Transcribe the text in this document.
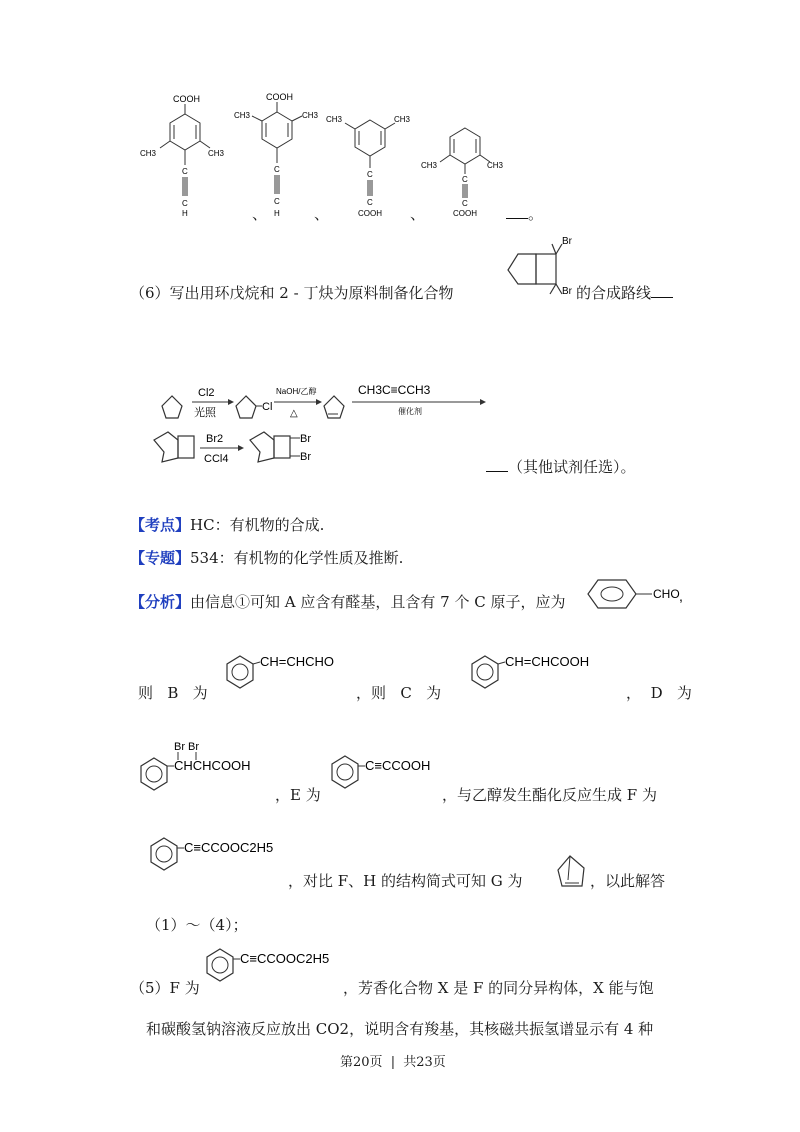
COOH
CH3	CH3
C
C
H	、
COOH
CH3	CH3
C
C
H 、
CH3	CH3
C
C
COOH 、
CH3	CH3
C
C
COOH	。
（6）写出用环戊烷和 2 - 丁炔为原料制备化合物
Br
Br 的合成路线
Cl2
光照	Cl
NaOH/乙醇
△
CH3C≡CCH3
催化剂
Br2
CCl4
Br
Br
（其他试剂任选）。
【考点】HC：有机物的合成.
【专题】534：有机物的化学性质及推断.
【分析】由信息①可知 A 应含有醛基，且含有 7 个 C 原子，应为	CHO ,
则 B 为
CH=CHCHO
，则 C 为
CH=CHCOOH
， D 为
Br Br
CHCHCOOH
，E 为
C≡CCOOH
，与乙醇发生酯化反应生成 F 为
C≡CCOOC2H5
，对比 F、H 的结构简式可知 G 为	，以此解答
（1）～（4）；
（5）F 为
C≡CCOOC2H5
，芳香化合物 X 是 F 的同分异构体，X 能与饱
和碳酸氢钠溶液反应放出 CO2，说明含有羧基，其核磁共振氢谱显示有 4 种
第20页 | 共23页
